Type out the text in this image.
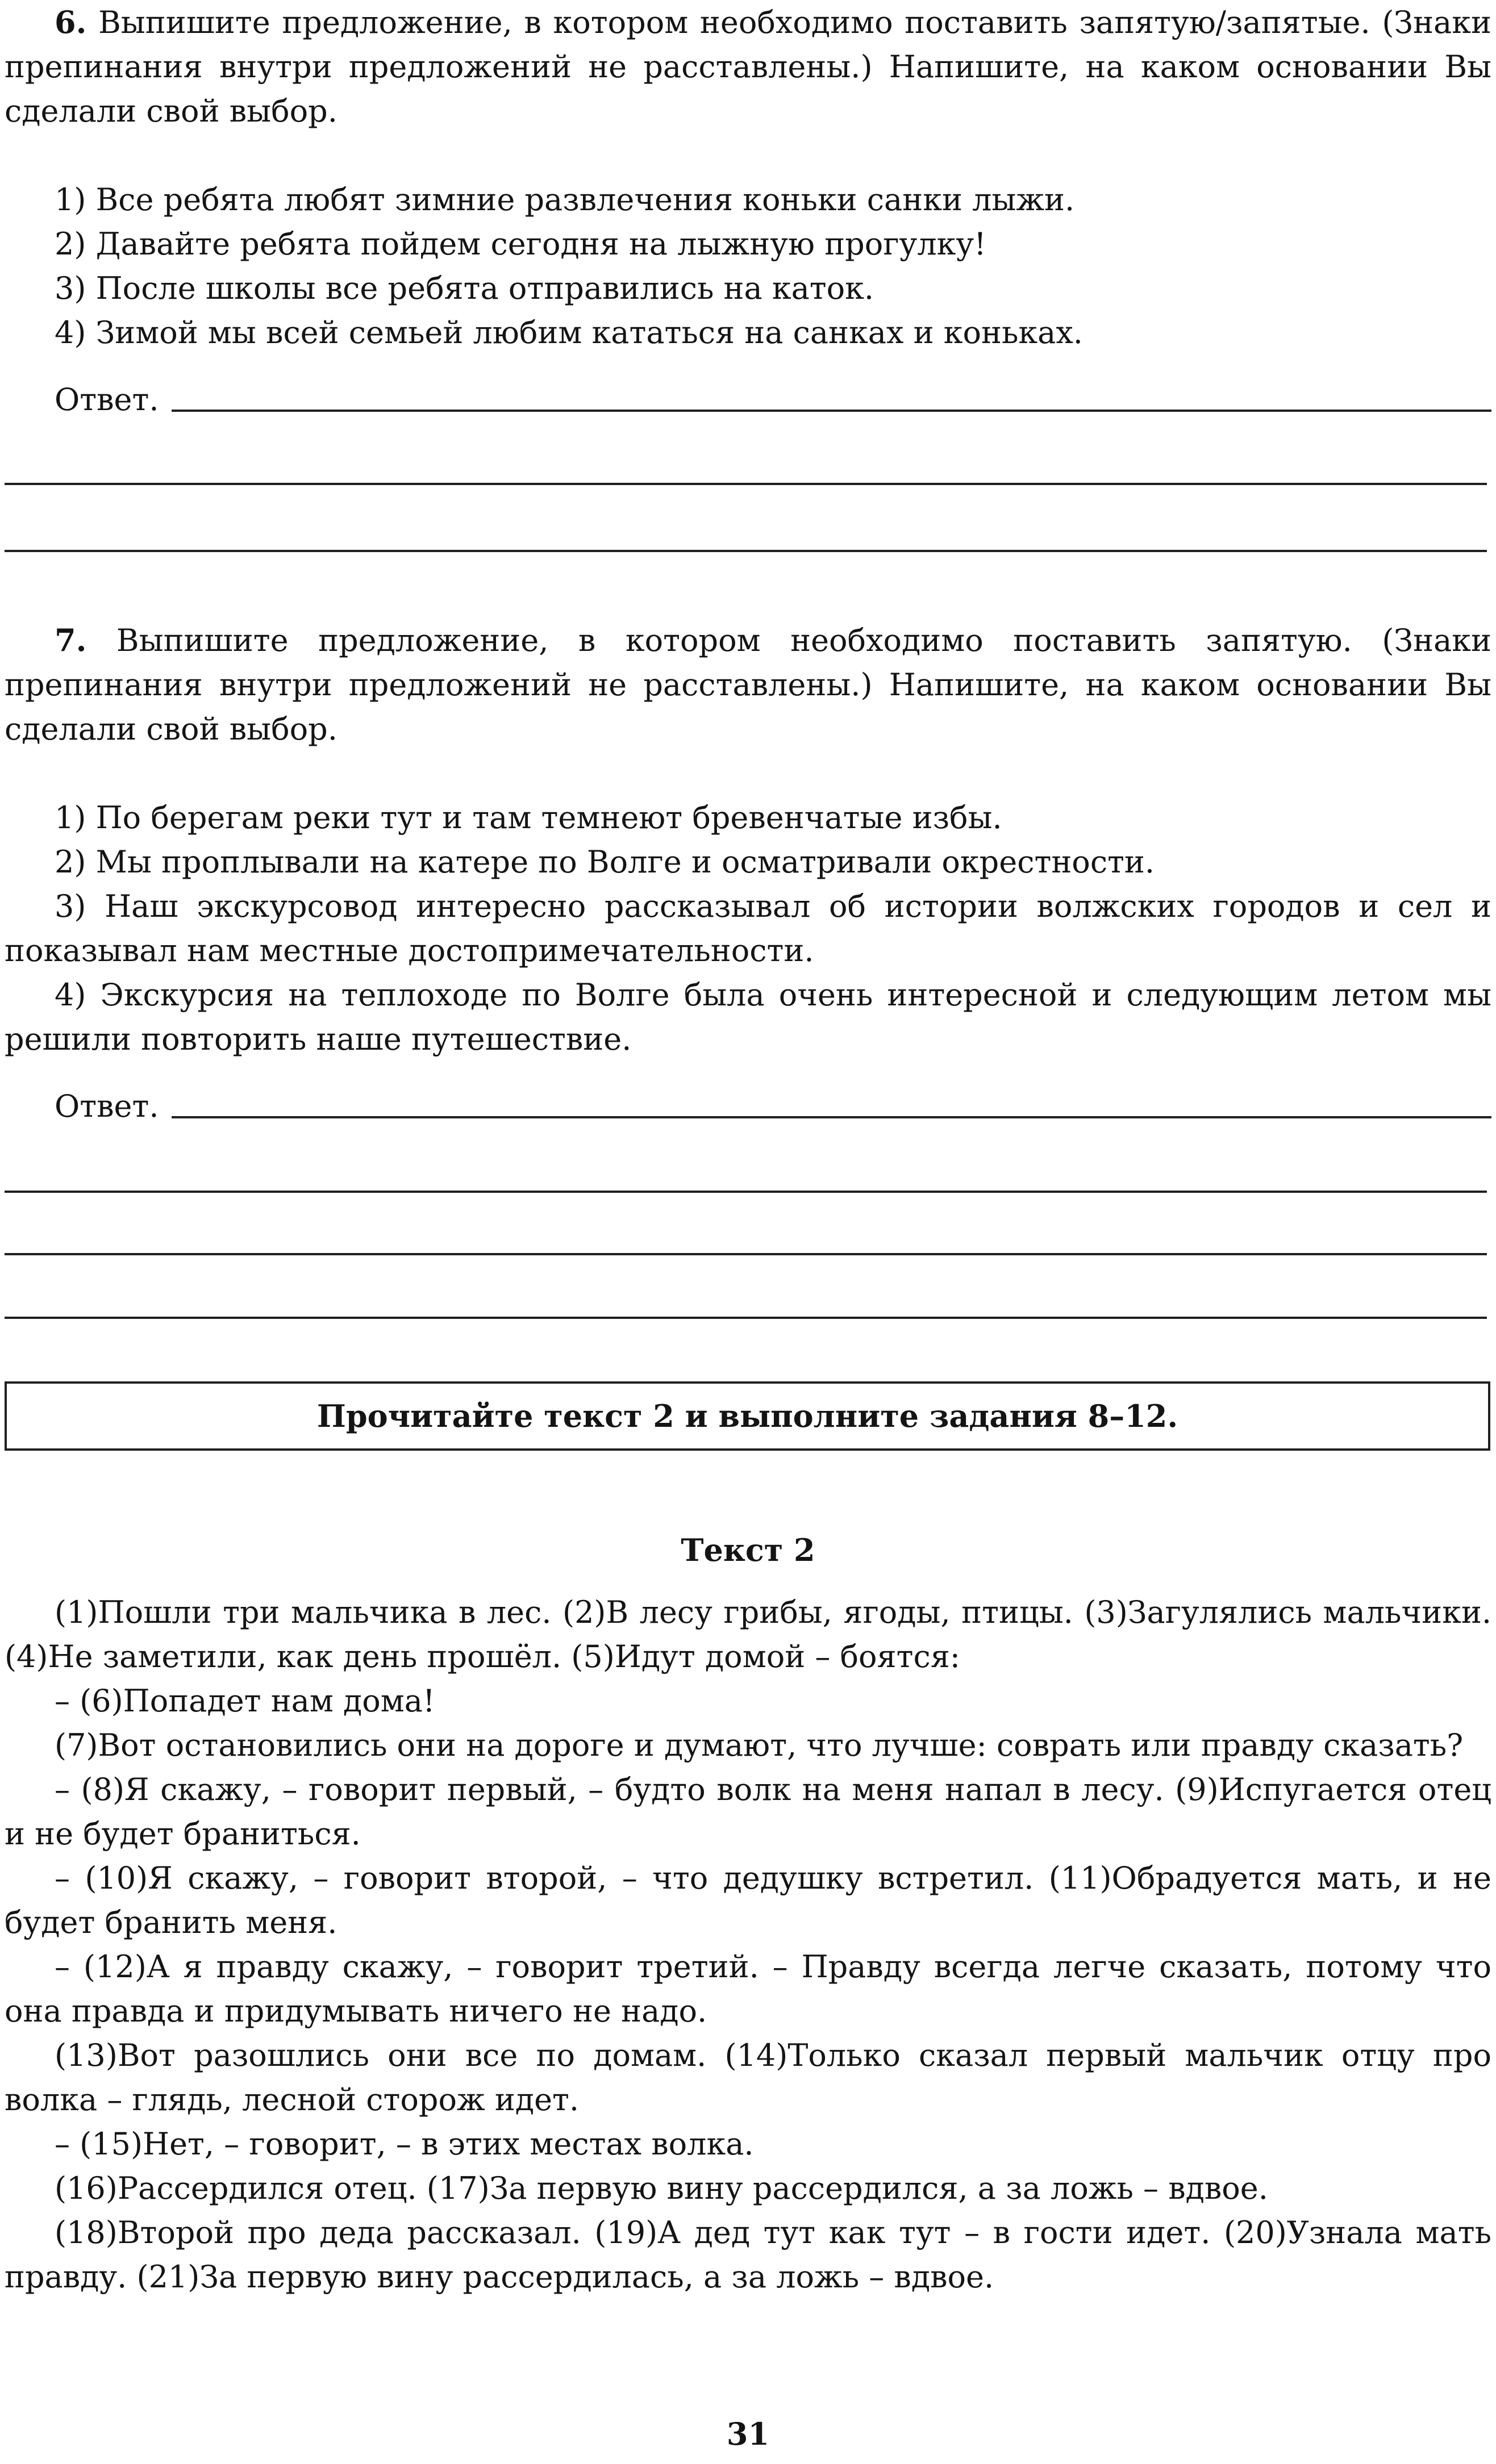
6. Выпишите предложение, в котором необходимо поставить запятую/запятые. (Знаки препинания внутри предложений не расставлены.) Напишите, на каком основании Вы сделали свой выбор.

1) Все ребята любят зимние развлечения коньки санки лыжи.

2) Давайте ребята пойдем сегодня на лыжную прогулку!

3) После школы все ребята отправились на каток.

4) Зимой мы всей семьей любим кататься на санках и коньках.

Ответ.

7. Выпишите предложение, в котором необходимо поставить запятую. (Знаки препинания внутри предложений не расставлены.) Напишите, на каком основании Вы сделали свой выбор.

1) По берегам реки тут и там темнеют бревенчатые избы.

2) Мы проплывали на катере по Волге и осматривали окрестности.

3) Наш экскурсовод интересно рассказывал об истории волжских городов и сел и показывал нам местные достопримечательности.

4) Экскурсия на теплоходе по Волге была очень интересной и следующим летом мы решили повторить наше путешествие.

Ответ.
Прочитайте текст 2 и выполните задания 8–12.
Текст 2

(1)Пошли три мальчика в лес. (2)В лесу грибы, ягоды, птицы. (3)Загулялись мальчики. (4)Не заметили, как день прошёл. (5)Идут домой – боятся:

– (6)Попадет нам дома!

(7)Вот остановились они на дороге и думают, что лучше: соврать или правду сказать?

– (8)Я скажу, – говорит первый, – будто волк на меня напал в лесу. (9)Испугается отец и не будет браниться.

– (10)Я скажу, – говорит второй, – что дедушку встретил. (11)Обрадуется мать, и не будет бранить меня.

– (12)А я правду скажу, – говорит третий. – Правду всегда легче сказать, потому что она правда и придумывать ничего не надо.

(13)Вот разошлись они все по домам. (14)Только сказал первый мальчик отцу про волка – глядь, лесной сторож идет.

– (15)Нет, – говорит, – в этих местах волка.

(16)Рассердился отец. (17)За первую вину рассердился, а за ложь – вдвое.

(18)Второй про деда рассказал. (19)А дед тут как тут – в гости идет. (20)Узнала мать правду. (21)За первую вину рассердилась, а за ложь – вдвое.

31
